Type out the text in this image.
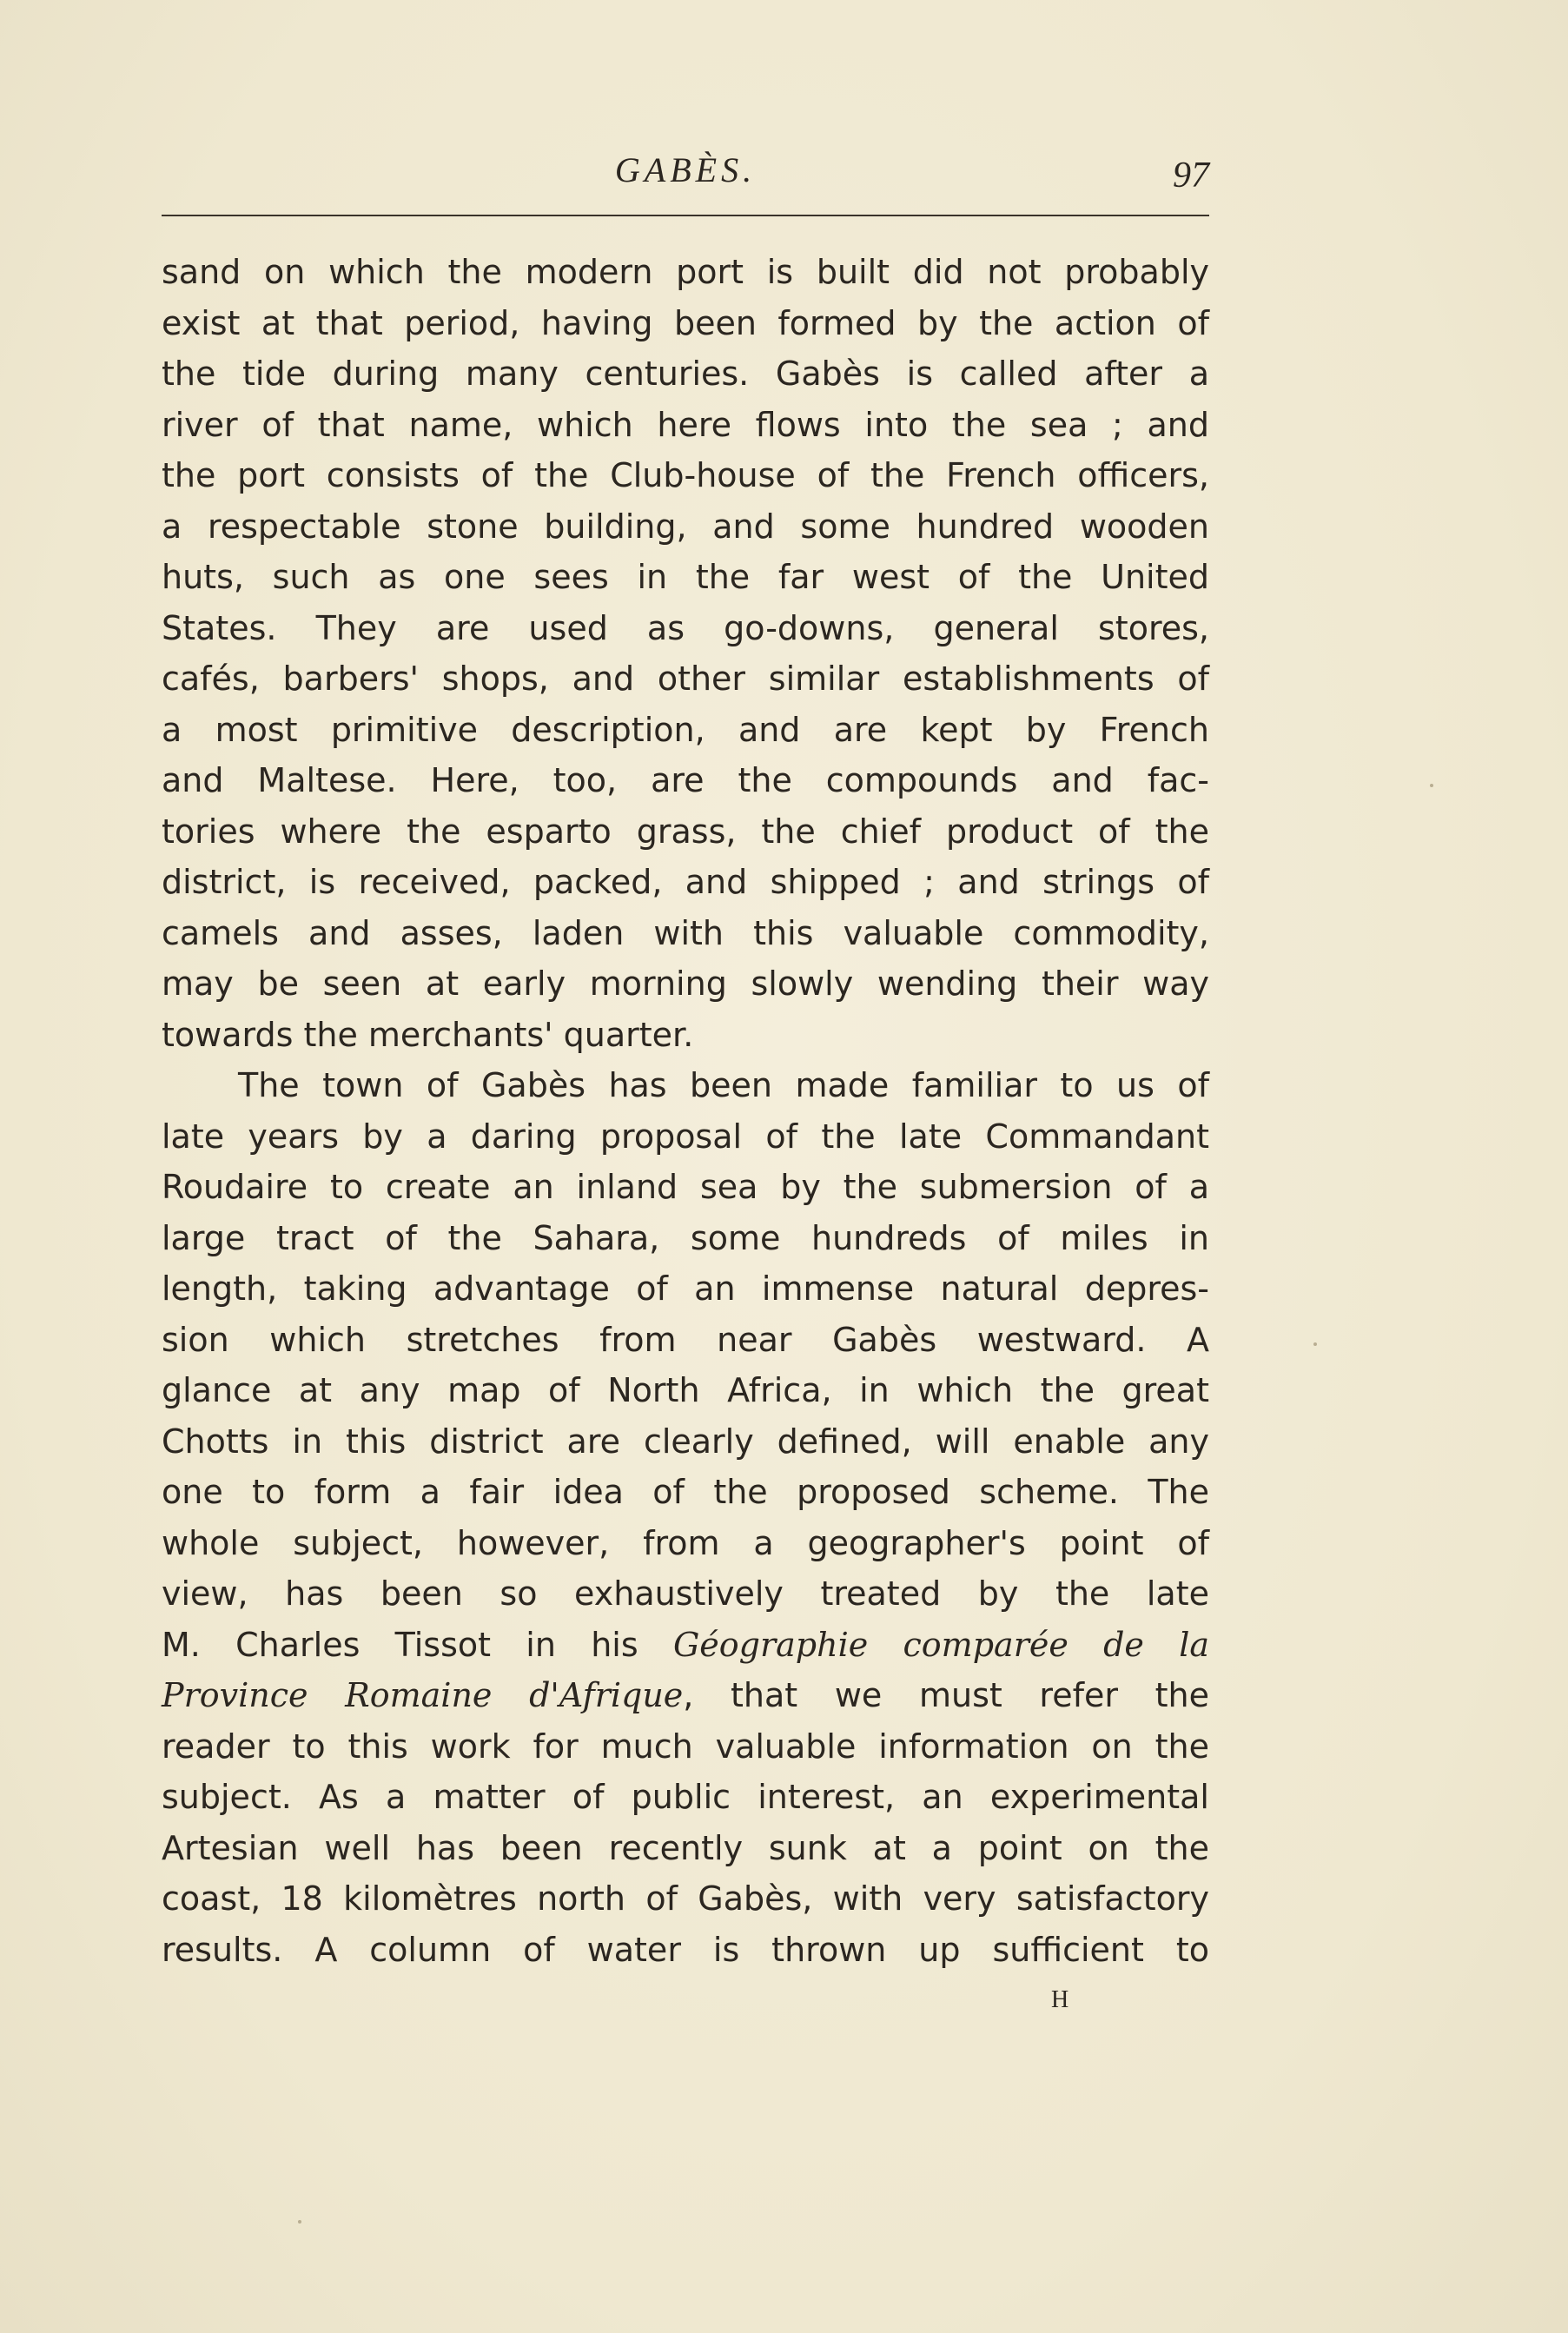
GABÈS.	97
sand on which the modern port is built did not probably
exist at that period, having been formed by the action of
the tide during many centuries. Gabès is called after a
river of that name, which here flows into the sea ; and
the port consists of the Club-house of the French officers,
a respectable stone building, and some hundred wooden
huts, such as one sees in the far west of the United
States. They are used as go-downs, general stores,
cafés, barbers' shops, and other similar establishments of
a most primitive description, and are kept by French
and Maltese. Here, too, are the compounds and fac-
tories where the esparto grass, the chief product of the
district, is received, packed, and shipped ; and strings of
camels and asses, laden with this valuable commodity,
may be seen at early morning slowly wending their way
towards the merchants' quarter.
The town of Gabès has been made familiar to us of
late years by a daring proposal of the late Commandant
Roudaire to create an inland sea by the submersion of a
large tract of the Sahara, some hundreds of miles in
length, taking advantage of an immense natural depres-
sion which stretches from near Gabès westward. A
glance at any map of North Africa, in which the great
Chotts in this district are clearly defined, will enable any
one to form a fair idea of the proposed scheme. The
whole subject, however, from a geographer's point of
view, has been so exhaustively treated by the late
M. Charles Tissot in his Géographie comparée de la
Province Romaine d'Afrique, that we must refer the
reader to this work for much valuable information on the
subject. As a matter of public interest, an experimental
Artesian well has been recently sunk at a point on the
coast, 18 kilomètres north of Gabès, with very satisfactory
results. A column of water is thrown up sufficient to
H
